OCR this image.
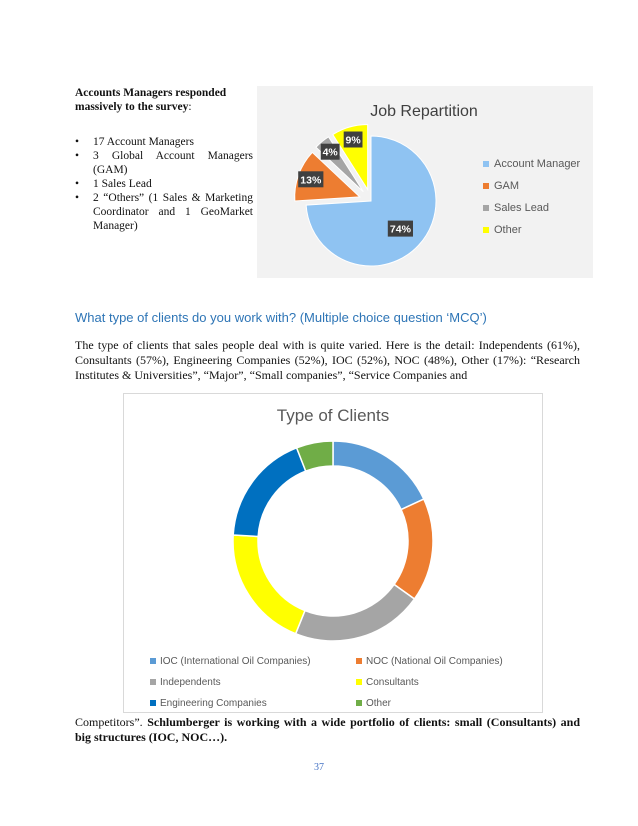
Accounts Managers responded massively to the survey:
• 17 Account Managers
• 3 Global Account Managers (GAM)
• 1 Sales Lead
• 2 “Others” (1 Sales & Marketing Coordinator and 1 GeoMarket Manager)
Job Repartition
74%
13%
4%
9%
Account Manager
GAM
Sales Lead
Other
What type of clients do you work with? (Multiple choice question ‘MCQ’)
The type of clients that sales people deal with is quite varied. Here is the detail: Independents (61%), Consultants (57%), Engineering Companies (52%), IOC (52%), NOC (48%), Other (17%): “Research Institutes & Universities”, “Major”, “Small companies”, “Service Companies and
Type of Clients
IOC (International Oil Companies)	NOC (National Oil Companies)
Independents	Consultants
Engineering Companies	Other
Competitors”. Schlumberger is working with a wide portfolio of clients: small (Consultants) and big structures (IOC, NOC…).
37
